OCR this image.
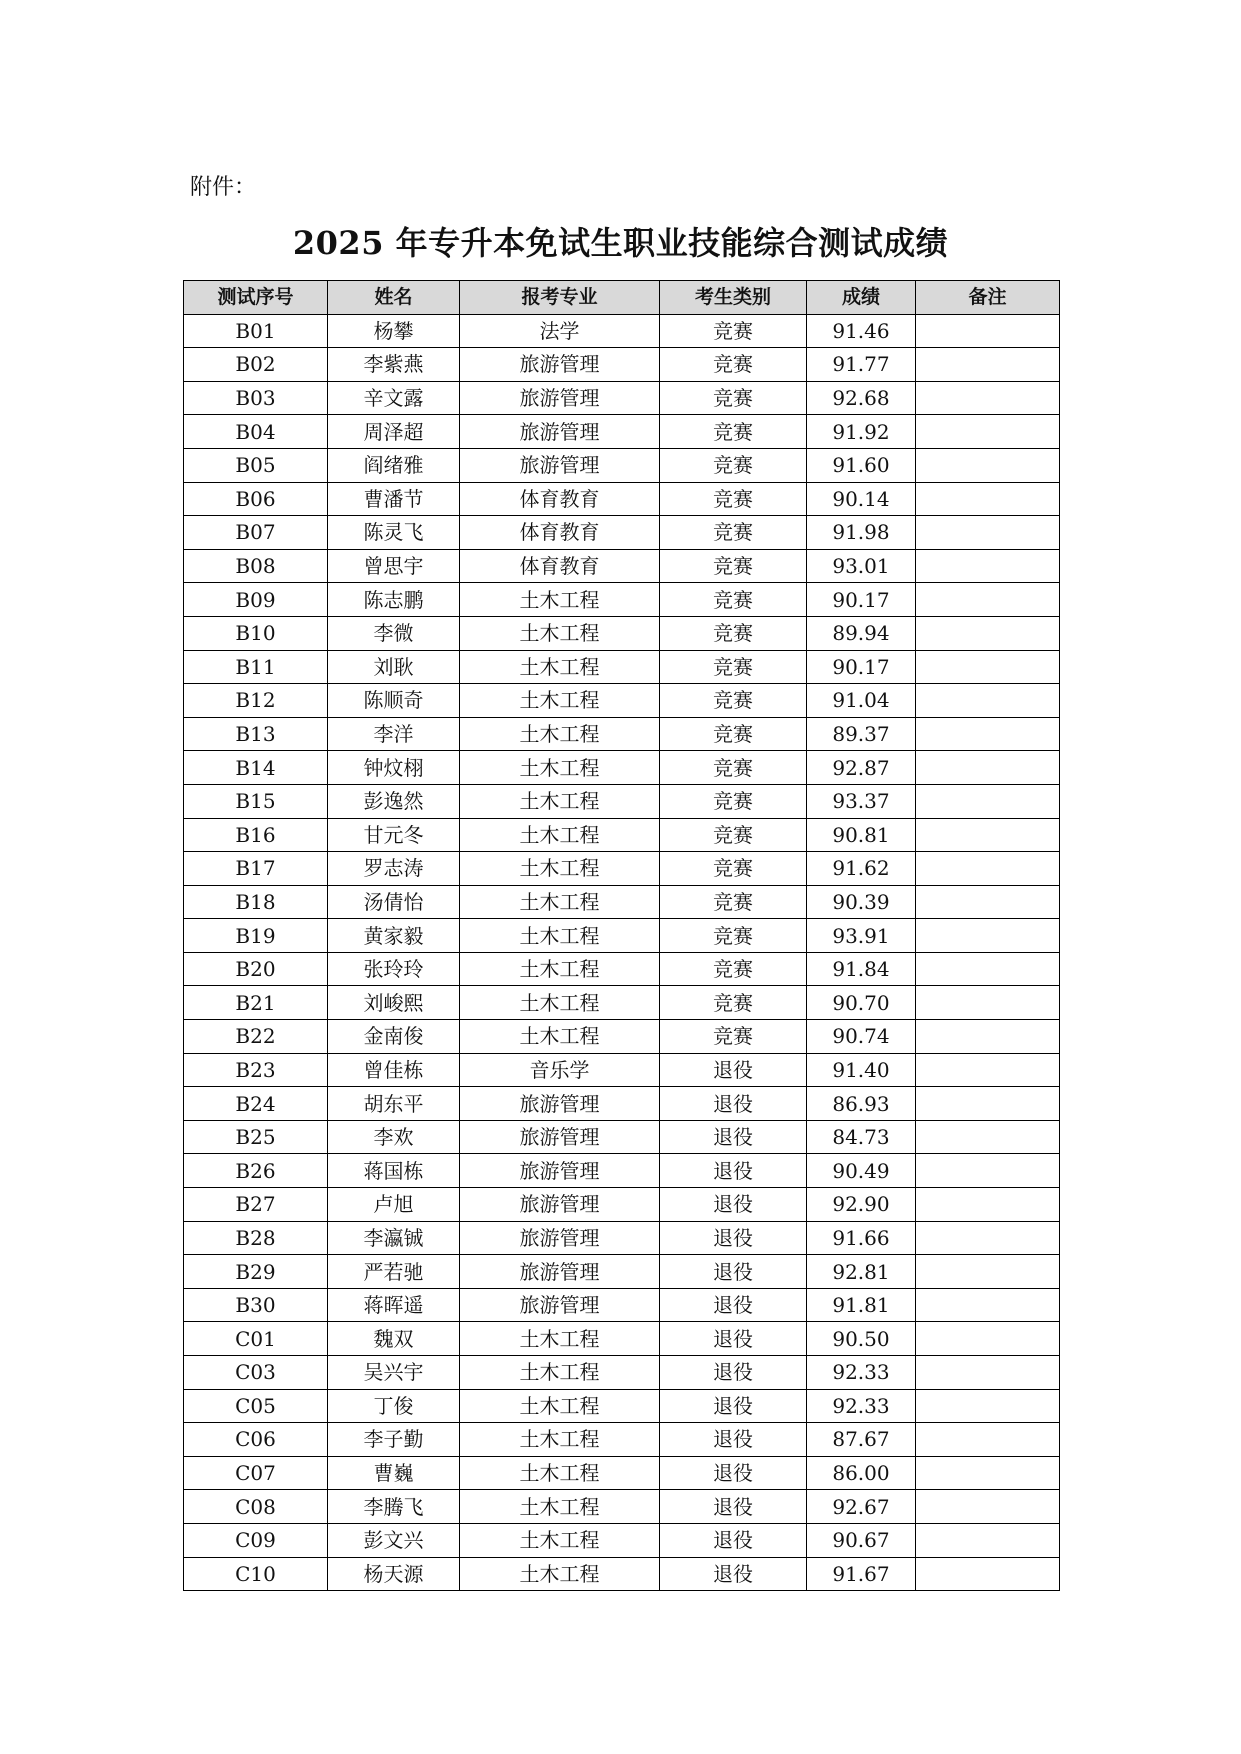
附件：
2025 年专升本免试生职业技能综合测试成绩
测试序号	姓名	报考专业	考生类别	成绩	备注
B01	杨攀	法学	竞赛	91.46	
B02	李紫燕	旅游管理	竞赛	91.77	
B03	辛文露	旅游管理	竞赛	92.68	
B04	周泽超	旅游管理	竞赛	91.92	
B05	阎绪雅	旅游管理	竞赛	91.60	
B06	曹潘节	体育教育	竞赛	90.14	
B07	陈灵飞	体育教育	竞赛	91.98	
B08	曾思宇	体育教育	竞赛	93.01	
B09	陈志鹏	土木工程	竞赛	90.17	
B10	李微	土木工程	竞赛	89.94	
B11	刘耿	土木工程	竞赛	90.17	
B12	陈顺奇	土木工程	竞赛	91.04	
B13	李洋	土木工程	竞赛	89.37	
B14	钟炆栩	土木工程	竞赛	92.87	
B15	彭逸然	土木工程	竞赛	93.37	
B16	甘元冬	土木工程	竞赛	90.81	
B17	罗志涛	土木工程	竞赛	91.62	
B18	汤倩怡	土木工程	竞赛	90.39	
B19	黄家毅	土木工程	竞赛	93.91	
B20	张玲玲	土木工程	竞赛	91.84	
B21	刘峻熙	土木工程	竞赛	90.70	
B22	金南俊	土木工程	竞赛	90.74	
B23	曾佳栋	音乐学	退役	91.40	
B24	胡东平	旅游管理	退役	86.93	
B25	李欢	旅游管理	退役	84.73	
B26	蒋国栋	旅游管理	退役	90.49	
B27	卢旭	旅游管理	退役	92.90	
B28	李瀛铖	旅游管理	退役	91.66	
B29	严若驰	旅游管理	退役	92.81	
B30	蒋晖遥	旅游管理	退役	91.81	
C01	魏双	土木工程	退役	90.50	
C03	吴兴宇	土木工程	退役	92.33	
C05	丁俊	土木工程	退役	92.33	
C06	李子勤	土木工程	退役	87.67	
C07	曹巍	土木工程	退役	86.00	
C08	李腾飞	土木工程	退役	92.67	
C09	彭文兴	土木工程	退役	90.67	
C10	杨天源	土木工程	退役	91.67	
